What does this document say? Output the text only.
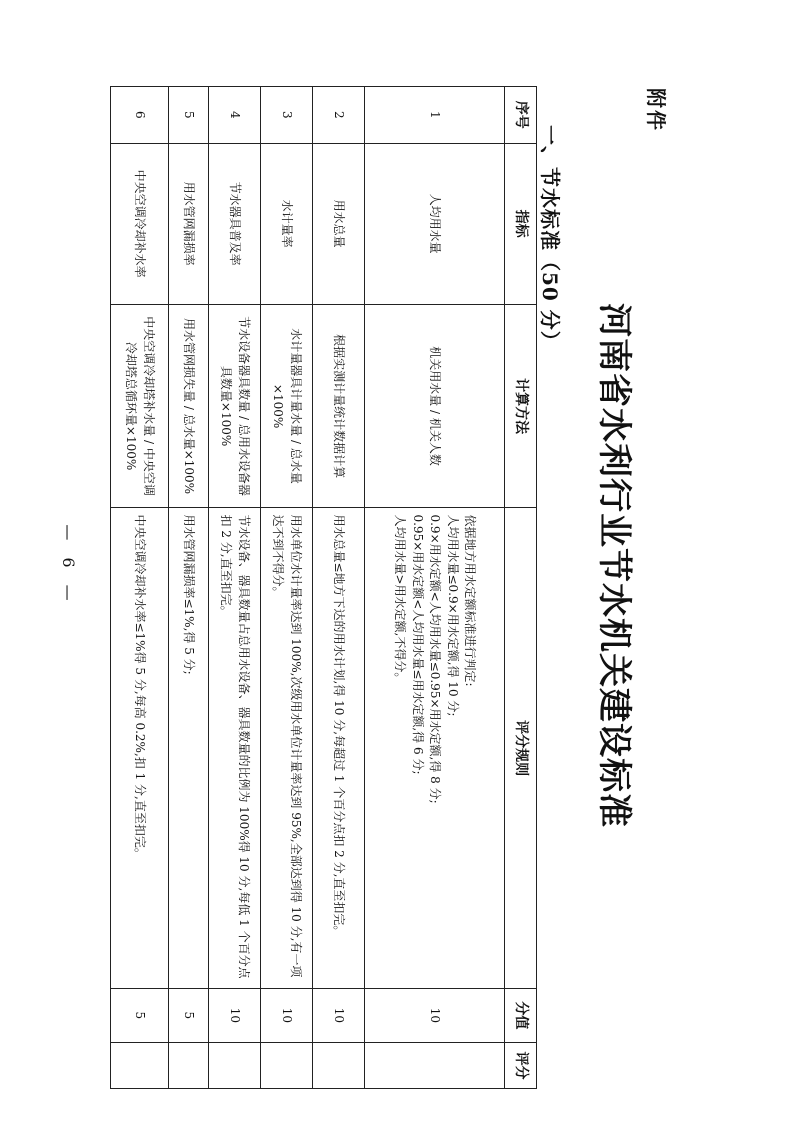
附件
河南省水利行业节水机关建设标准
一、节水标准（50 分）
序号	指标	计算方法	评分规则	分值	评分
1	人均用水量	机关用水量 / 机关人数	依据地方用水定额标准进行判定:
人均用水量≤0.9×用水定额,得 10 分;
0.9×用水定额<人均用水量≤0.95×用水定额,得 8 分;
0.95×用水定额<人均用水量≤用水定额,得 6 分;
人均用水量>用水定额,不得分。	10	
2	用水总量	根据实测计量统计数据计算	用水总量≤地方下达的用水计划,得 10 分,每超过 1 个百分点扣 2 分,直至扣完。	10	
3	水计量率	水计量器具计量水量 / 总水量×100%	用水单位水计量率达到 100%,次级用水单位计量率达到 95%,全部达到得 10 分,有一项达不到不得分。	10	
4	节水器具普及率	节水设备器具数量 / 总用水设备器具数量×100%	节水设备、器具数量占总用水设备、器具数量的比例为 100%得 10 分,每低 1 个百分点扣 2 分,直至扣完。	10	
5	用水管网漏损率	用水管网损失量 / 总水量×100%	用水管网漏损率≤1%,得 5 分;	5	
6	中央空调冷却补水率	中央空调冷却塔补水量 / 中央空调冷却塔总循环量×100%	中央空调冷却补水率≤1%得 5 分,每高 0.2%,扣 1 分,直至扣完。	5	
— 6 —
